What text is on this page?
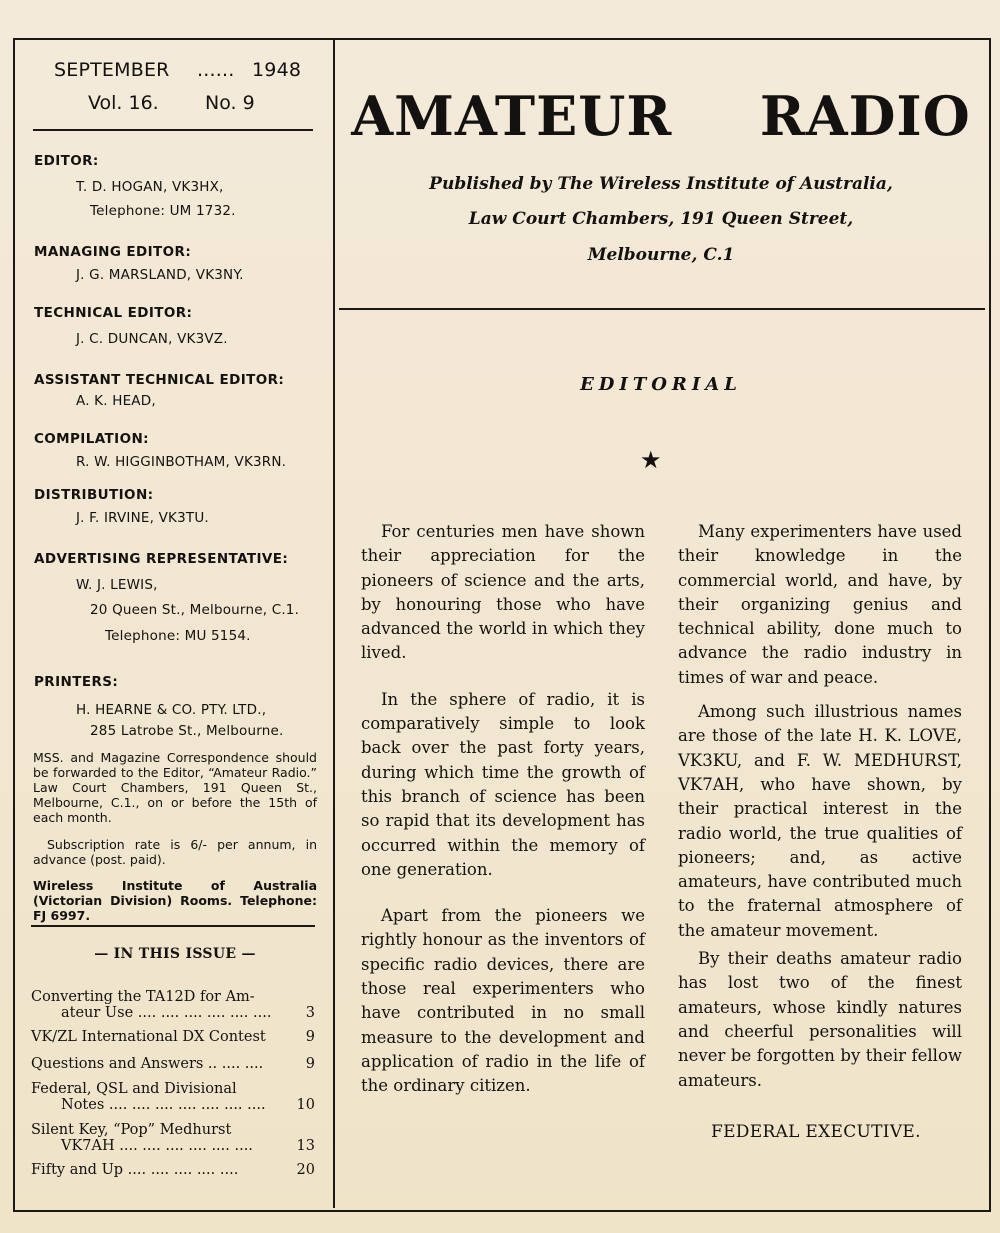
SEPTEMBER ...... 1948
Vol. 16. No. 9
EDITOR:
T. D. HOGAN, VK3HX,
Telephone: UM 1732.
MANAGING EDITOR:
J. G. MARSLAND, VK3NY.
TECHNICAL EDITOR:
J. C. DUNCAN, VK3VZ.
ASSISTANT TECHNICAL EDITOR:
A. K. HEAD,
COMPILATION:
R. W. HIGGINBOTHAM, VK3RN.
DISTRIBUTION:
J. F. IRVINE, VK3TU.
ADVERTISING REPRESENTATIVE:
W. J. LEWIS,
20 Queen St., Melbourne, C.1.
Telephone: MU 5154.
PRINTERS:
H. HEARNE & CO. PTY. LTD.,
285 Latrobe St., Melbourne.
MSS. and Magazine Correspondence should be forwarded to the Editor, “Amateur Radio.” Law Court Chambers, 191 Queen St., Melbourne, C.1., on or before the 15th of each month.
Subscription rate is 6/- per annum, in advance (post. paid).
Wireless Institute of Australia (Victorian Division) Rooms. Telephone: FJ 6997.
— IN THIS ISSUE —
Converting the TA12D for Am-
ateur Use .... .... .... .... .... ....	3
VK/ZL International DX Contest	9
Questions and Answers .. .... ....	9
Federal, QSL and Divisional
Notes .... .... .... .... .... .... ....	10
Silent Key, “Pop” Medhurst
VK7AH .... .... .... .... .... ....	13
Fifty and Up .... .... .... .... ....	20
AMATEUR RADIO
Published by The Wireless Institute of Australia,
Law Court Chambers, 191 Queen Street,
Melbourne, C.1
EDITORIAL
★

For centuries men have shown their appreciation for the pioneers of science and the arts, by honouring those who have advanced the world in which they lived.

In the sphere of radio, it is comparatively simple to look back over the past forty years, during which time the growth of this branch of science has been so rapid that its development has occurred within the memory of one generation.

Apart from the pioneers we rightly honour as the inventors of specific radio devices, there are those real experimenters who have contributed in no small measure to the development and application of radio in the life of the ordinary citizen.

Many experimenters have used their knowledge in the commercial world, and have, by their organizing genius and technical ability, done much to advance the radio industry in times of war and peace.

Among such illustrious names are those of the late H. K. LOVE, VK3KU, and F. W. MEDHURST, VK7AH, who have shown, by their practical interest in the radio world, the true qualities of pioneers; and, as active amateurs, have contributed much to the fraternal atmosphere of the amateur movement.

By their deaths amateur radio has lost two of the finest amateurs, whose kindly natures and cheerful personalities will never be forgotten by their fellow amateurs.

FEDERAL EXECUTIVE.
